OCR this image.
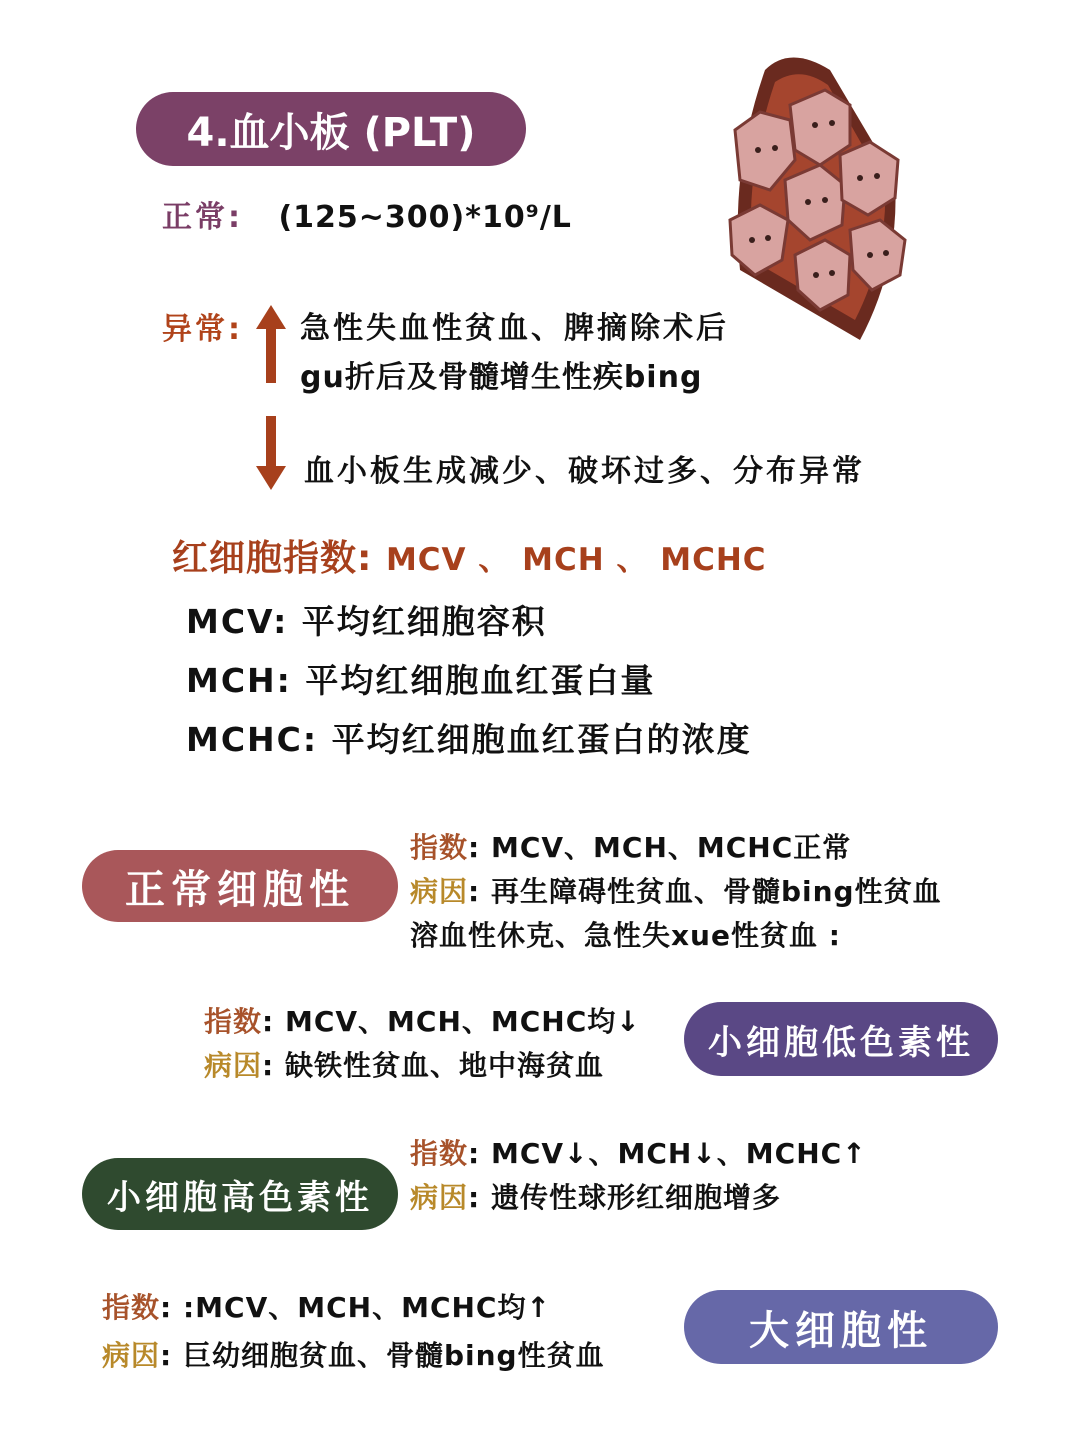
4.血小板 (PLT)
正常: (125~300)*10⁹/L
异常: 急性失血性贫血、脾摘除术后
gu折后及骨髓增生性疾bing
血小板生成减少、破坏过多、分布异常
红细胞指数: MCV 、 MCH 、 MCHC
MCV: 平均红细胞容积
MCH: 平均红细胞血红蛋白量
MCHC: 平均红细胞血红蛋白的浓度
正常细胞性
指数: MCV、MCH、MCHC正常
病因: 再生障碍性贫血、骨髓bing性贫血
溶血性休克、急性失xue性贫血 :
指数: MCV、MCH、MCHC均↓
病因: 缺铁性贫血、地中海贫血
小细胞低色素性
小细胞高色素性
指数: MCV↓、MCH↓、MCHC↑
病因: 遗传性球形红细胞增多
指数: :MCV、MCH、MCHC均↑
病因: 巨幼细胞贫血、骨髓bing性贫血
大细胞性
